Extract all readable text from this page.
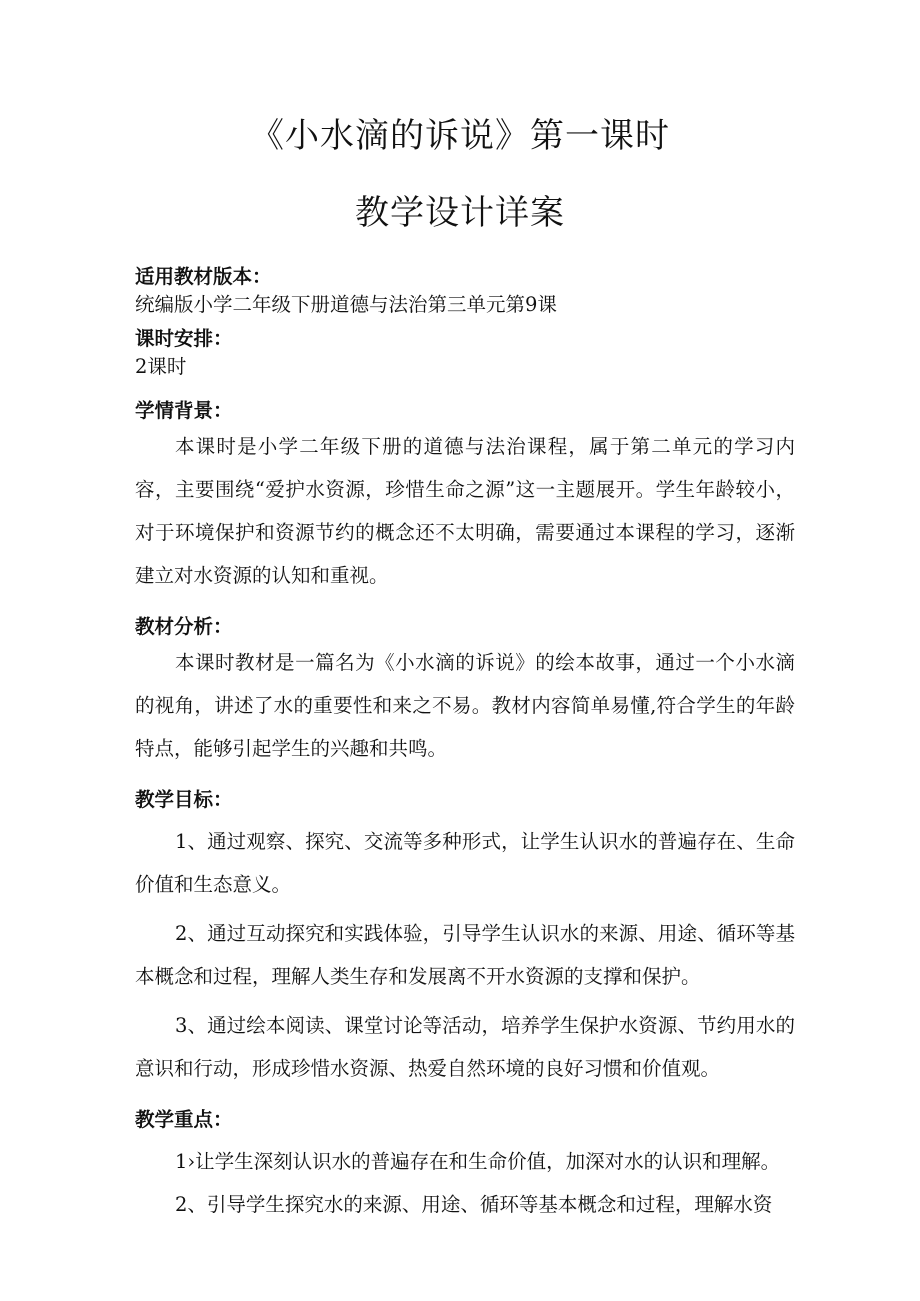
《小水滴的诉说》第一课时
教学设计详案
适用教材版本：
统编版小学二年级下册道德与法治第三单元第9课
课时安排：
2课时
学情背景：
本课时是小学二年级下册的道德与法治课程，属于第二单元的学习内容，主要围绕“爱护水资源，珍惜生命之源”这一主题展开。学生年龄较小，对于环境保护和资源节约的概念还不太明确，需要通过本课程的学习，逐渐建立对水资源的认知和重视。
教材分析：
本课时教材是一篇名为《小水滴的诉说》的绘本故事，通过一个小水滴的视角，讲述了水的重要性和来之不易。教材内容简单易懂,符合学生的年龄特点，能够引起学生的兴趣和共鸣。
教学目标：
1、通过观察、探究、交流等多种形式，让学生认识水的普遍存在、生命价值和生态意义。
2、通过互动探究和实践体验，引导学生认识水的来源、用途、循环等基本概念和过程，理解人类生存和发展离不开水资源的支撑和保护。
3、通过绘本阅读、课堂讨论等活动，培养学生保护水资源、节约用水的意识和行动，形成珍惜水资源、热爱自然环境的良好习惯和价值观。
教学重点：
1›让学生深刻认识水的普遍存在和生命价值，加深对水的认识和理解。
2、引导学生探究水的来源、用途、循环等基本概念和过程，理解水资
